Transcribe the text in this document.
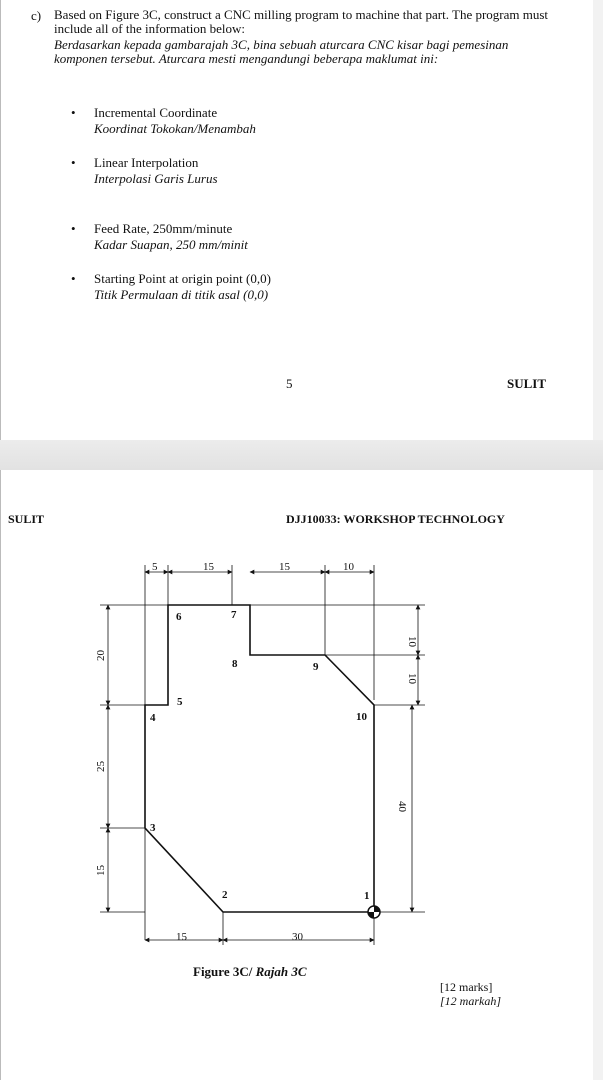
c) Based on Figure 3C, construct a CNC milling program to machine that part. The program must include all of the information below:
Berdasarkan kepada gambarajah 3C, bina sebuah aturcara CNC kisar bagi pemesinan komponen tersebut. Aturcara mesti mengandungi beberapa maklumat ini:
• Incremental Coordinate
Koordinat Tokokan/Menambah
• Linear Interpolation
Interpolasi Garis Lurus
• Feed Rate, 250mm/minute
Kadar Suapan, 250 mm/minit
• Starting Point at origin point (0,0)
Titik Permulaan di titik asal (0,0)
5	SULIT
SULIT	DJJ10033: WORKSHOP TECHNOLOGY
5	15	15	10
15	30
20
25
15
10
10
40
1
2
3
4
5
6	7
8	9
10
Figure 3C/ Rajah 3C
[12 marks]
[12 markah]
